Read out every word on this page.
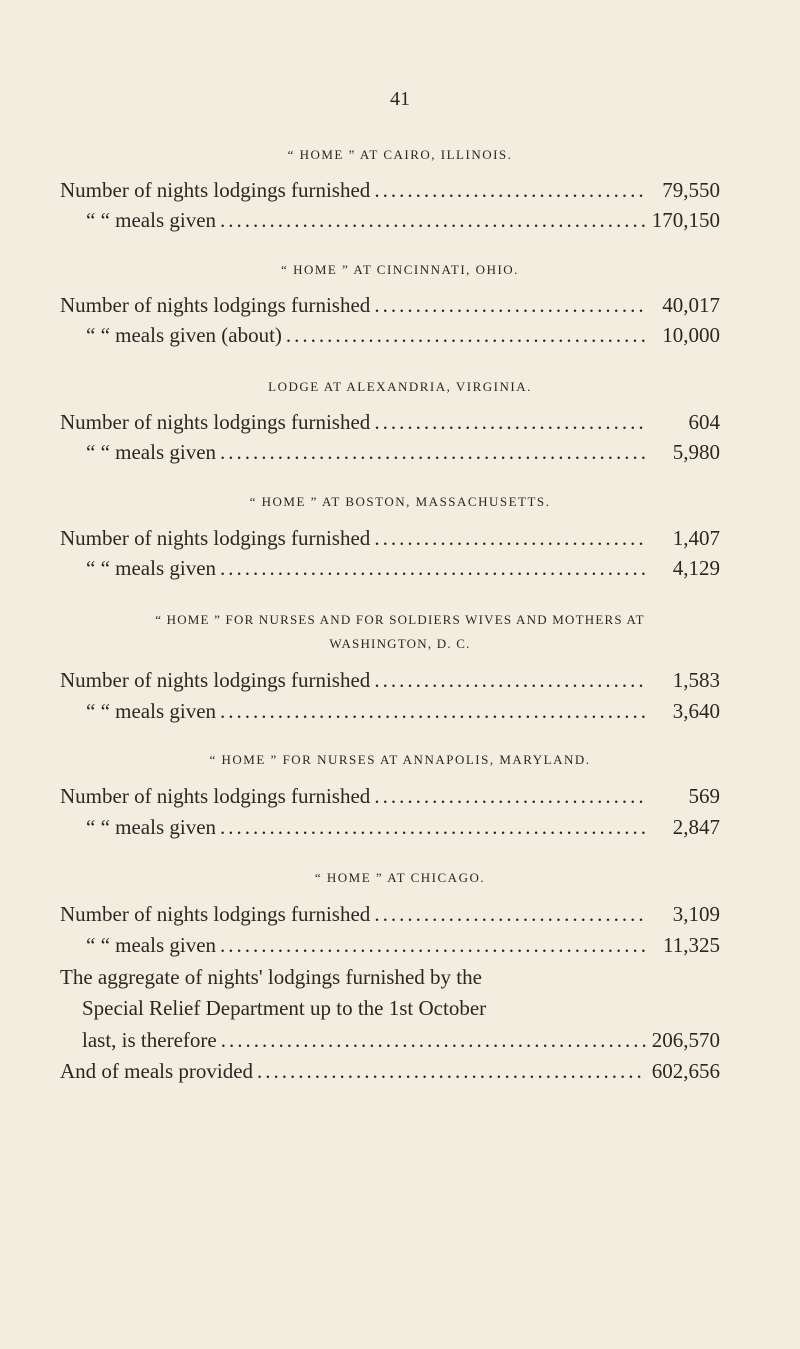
41
“ HOME ” AT CAIRO, ILLINOIS.
Number of nights lodgings furnished .....	79,550
“ “ meals given .....	170,150
“ HOME ” AT CINCINNATI, OHIO.
Number of nights lodgings furnished .....	40,017
“ “ meals given (about) .....	10,000
LODGE AT ALEXANDRIA, VIRGINIA.
Number of nights lodgings furnished .....	604
“ “ meals given .....	5,980
“ HOME ” AT BOSTON, MASSACHUSETTS.
Number of nights lodgings furnished .....	1,407
“ “ meals given .....	4,129
“ HOME ” FOR NURSES AND FOR SOLDIERS WIVES AND MOTHERS AT
WASHINGTON, D. C.
Number of nights lodgings furnished .....	1,583
“ “ meals given .....	3,640
“ HOME ” FOR NURSES AT ANNAPOLIS, MARYLAND.
Number of nights lodgings furnished .....	569
“ “ meals given .....	2,847
“ HOME ” AT CHICAGO.
Number of nights lodgings furnished .....	3,109
“ “ meals given .....	11,325
The aggregate of nights' lodgings furnished by the
Special Relief Department up to the 1st October
last, is therefore .....	206,570
And of meals provided .....	602,656
